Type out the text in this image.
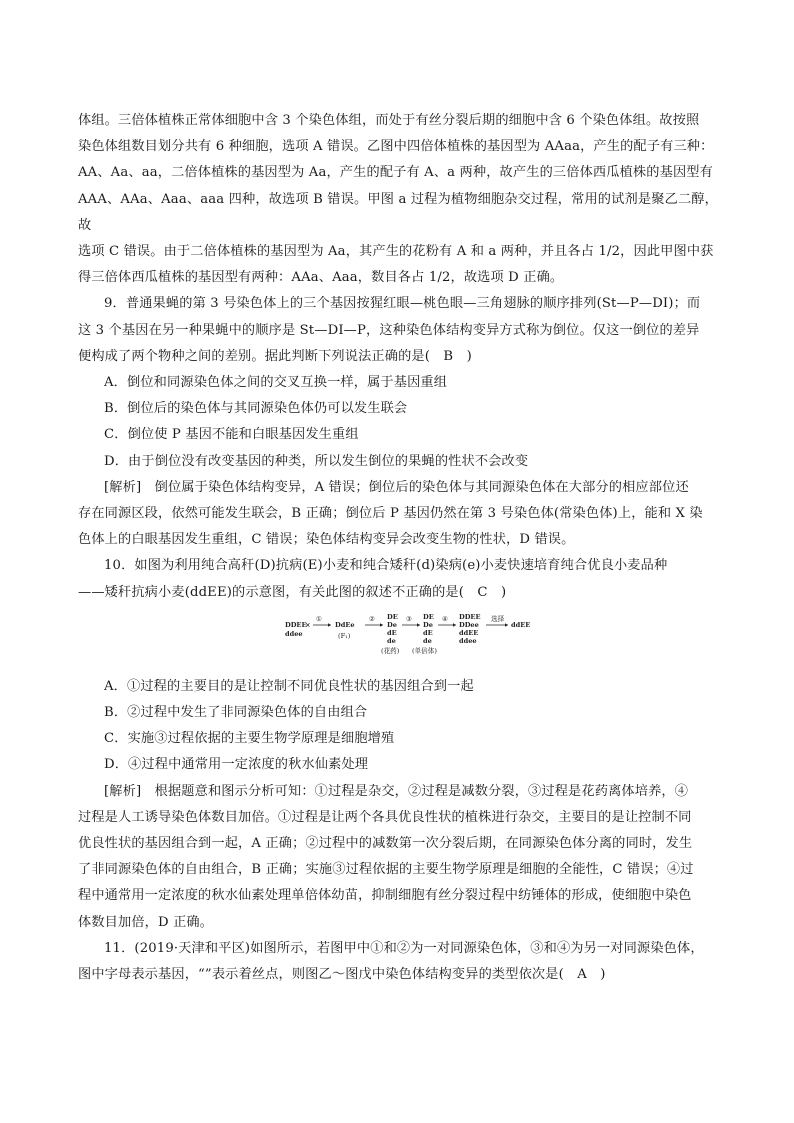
体组。三倍体植株正常体细胞中含 3 个染色体组，而处于有丝分裂后期的细胞中含 6 个染色体组。故按照

染色体组数目划分共有 6 种细胞，选项 A 错误。乙图中四倍体植株的基因型为 AAaa，产生的配子有三种：

AA、Aa、aa，二倍体植株的基因型为 Aa，产生的配子有 A、a 两种，故产生的三倍体西瓜植株的基因型有

AAA、AAa、Aaa、aaa 四种，故选项 B 错误。甲图 a 过程为植物细胞杂交过程，常用的试剂是聚乙二醇，故

选项 C 错误。由于二倍体植株的基因型为 Aa，其产生的花粉有 A 和 a 两种，并且各占 1/2，因此甲图中获

得三倍体西瓜植株的基因型有两种：AAa、Aaa，数目各占 1/2，故选项 D 正确。

9．普通果蝇的第 3 号染色体上的三个基因按猩红眼—桃色眼—三角翅脉的顺序排列(St—P—DI)；而

这 3 个基因在另一种果蝇中的顺序是 St—DI—P，这种染色体结构变异方式称为倒位。仅这一倒位的差异

便构成了两个物种之间的差别。据此判断下列说法正确的是(　B　)

A．倒位和同源染色体之间的交叉互换一样，属于基因重组

B．倒位后的染色体与其同源染色体仍可以发生联会

C．倒位使 P 基因不能和白眼基因发生重组

D．由于倒位没有改变基因的种类，所以发生倒位的果蝇的性状不会改变

[解析]　倒位属于染色体结构变异，A 错误；倒位后的染色体与其同源染色体在大部分的相应部位还

存在同源区段，依然可能发生联会，B 正确；倒位后 P 基因仍然在第 3 号染色体(常染色体)上，能和 X 染

色体上的白眼基因发生重组，C 错误；染色体结构变异会改变生物的性状，D 错误。

10．如图为利用纯合高秆(D)抗病(E)小麦和纯合矮秆(d)染病(e)小麦快速培育纯合优良小麦品种

——矮秆抗病小麦(ddEE)的示意图，有关此图的叙述不正确的是(　C　)

DDEE
×
ddee
①
DdEe
(F₁)
② DE
De
dE
de
(花药)
③ DE
De
dE
de
(单倍体)
④ DDEE
DDee
ddEE
ddee
选择
ddEE

A．①过程的主要目的是让控制不同优良性状的基因组合到一起

B．②过程中发生了非同源染色体的自由组合

C．实施③过程依据的主要生物学原理是细胞增殖

D．④过程中通常用一定浓度的秋水仙素处理

[解析]　根据题意和图示分析可知：①过程是杂交，②过程是减数分裂，③过程是花药离体培养，④

过程是人工诱导染色体数目加倍。①过程是让两个各具优良性状的植株进行杂交，主要目的是让控制不同

优良性状的基因组合到一起，A 正确；②过程中的减数第一次分裂后期，在同源染色体分离的同时，发生

了非同源染色体的自由组合，B 正确；实施③过程依据的主要生物学原理是细胞的全能性，C 错误；④过

程中通常用一定浓度的秋水仙素处理单倍体幼苗，抑制细胞有丝分裂过程中纺锤体的形成，使细胞中染色

体数目加倍，D 正确。

11．(2019·天津和平区)如图所示，若图甲中①和②为一对同源染色体，③和④为另一对同源染色体，

图中字母表示基因，“”表示着丝点，则图乙～图戊中染色体结构变异的类型依次是(　A　)
